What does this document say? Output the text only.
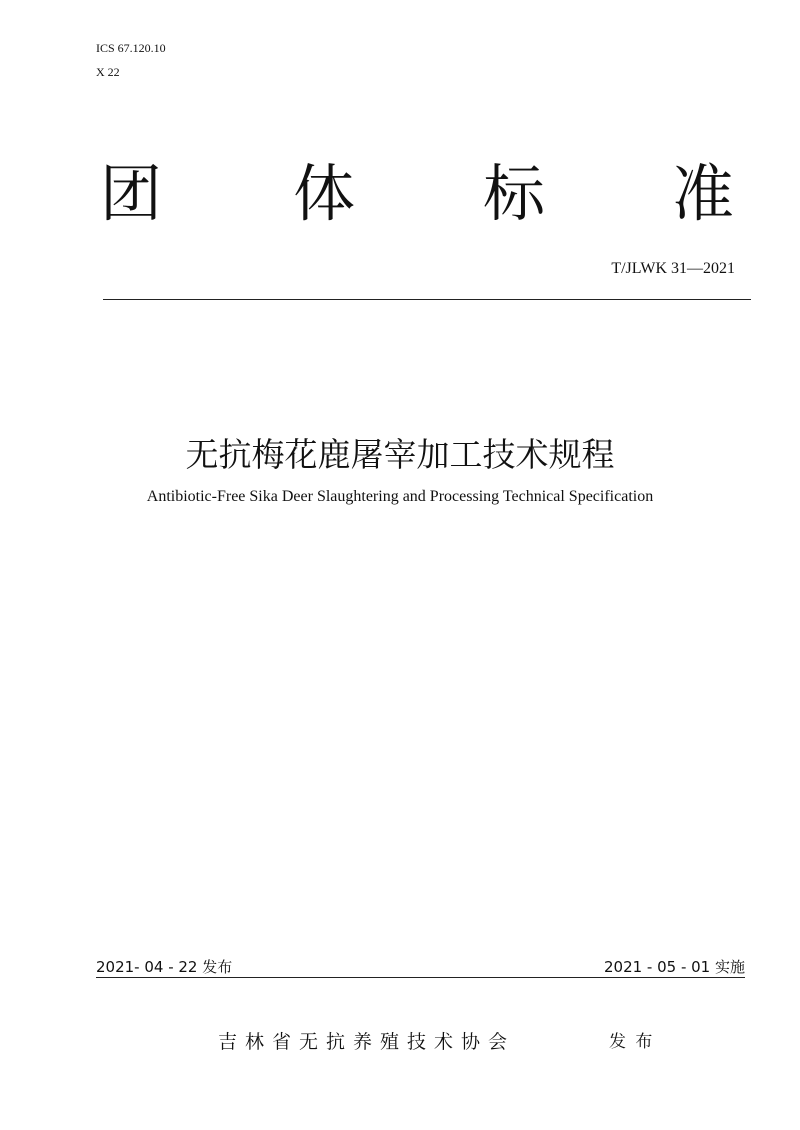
ICS 67.120.10
X 22
团 体 标 准
T/JLWK 31—2021
无抗梅花鹿屠宰加工技术规程
Antibiotic-Free Sika Deer Slaughtering and Processing Technical Specification
2021- 04 - 22 发布	2021 - 05 - 01 实施
吉林省无抗养殖技术协会	发 布
